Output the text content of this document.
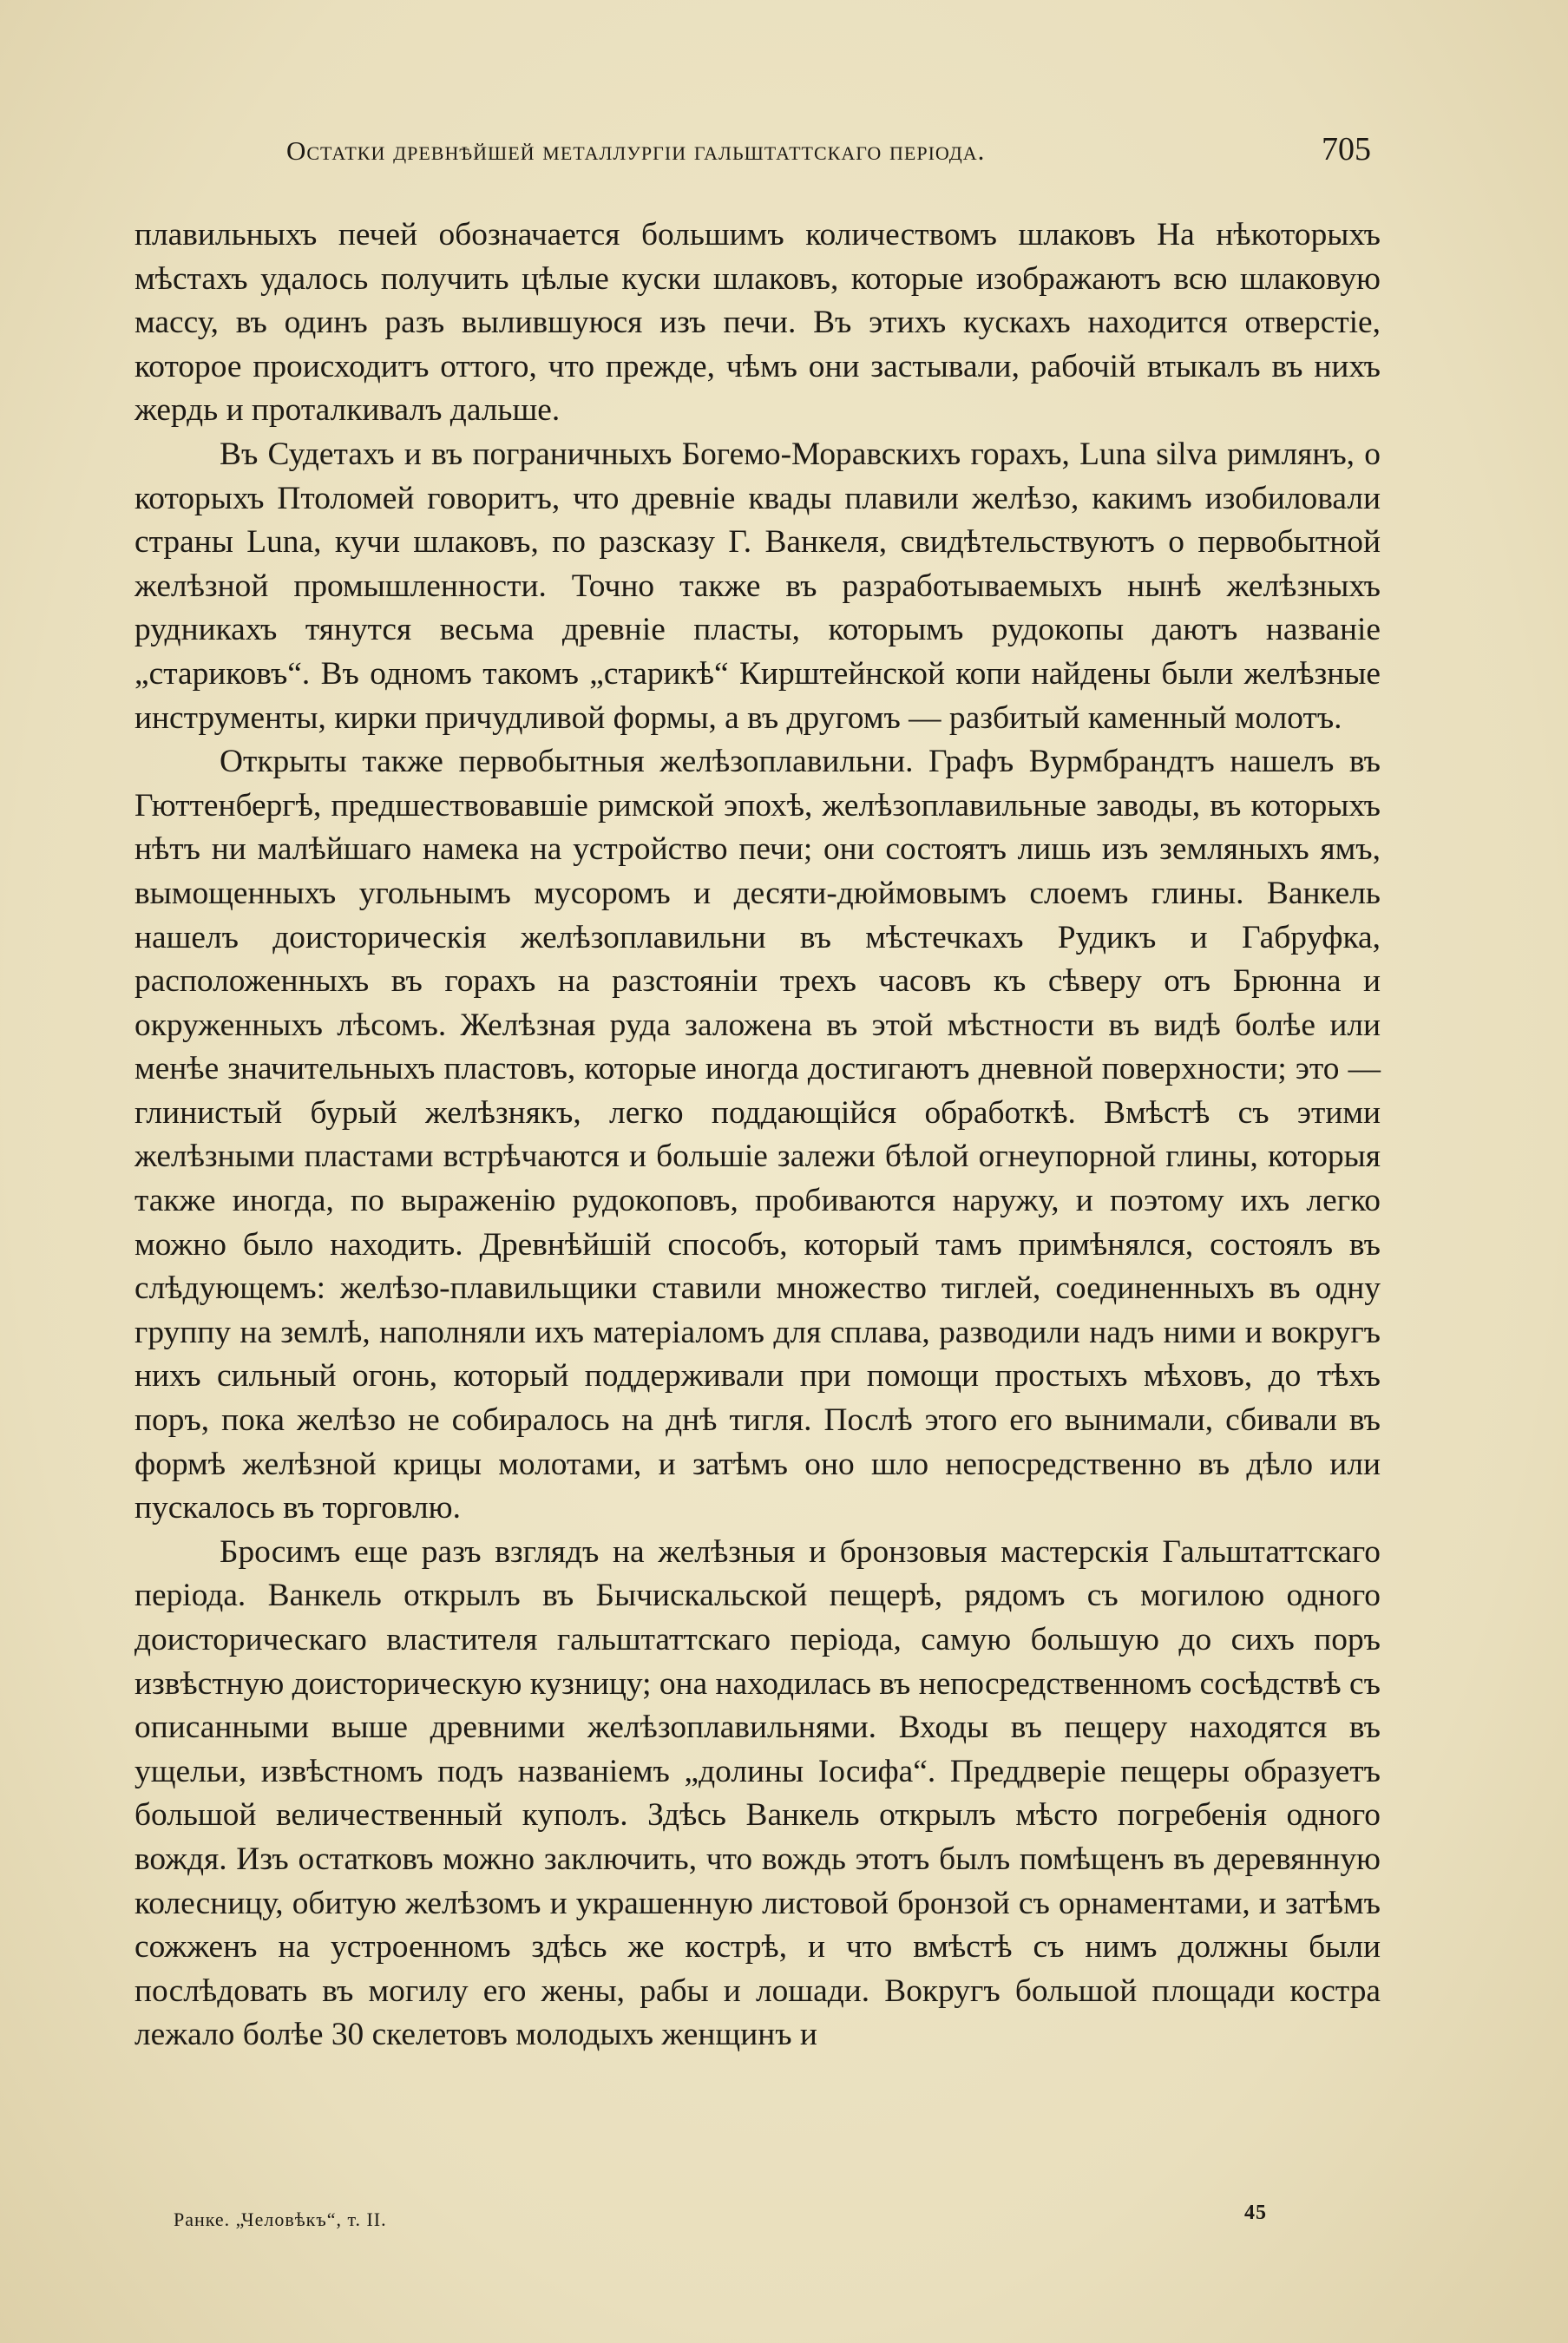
Остатки древнѣйшей металлургіи гальштаттскаго періода.	705

плавильныхъ печей обозначается большимъ количествомъ шлаковъ На нѣкоторыхъ мѣстахъ удалось получить цѣлые куски шлаковъ, которые изображаютъ всю шлаковую массу, въ одинъ разъ вылившуюся изъ печи. Въ этихъ кускахъ находится отверстіе, которое происходитъ оттого, что прежде, чѣмъ они застывали, рабочій втыкалъ въ нихъ жердь и проталкивалъ дальше.

Въ Судетахъ и въ пограничныхъ Богемо-Моравскихъ горахъ, Luna silva римлянъ, о которыхъ Птоломей говоритъ, что древніе квады плавили желѣзо, какимъ изобиловали страны Luna, кучи шлаковъ, по разсказу Г. Ванкеля, свидѣтельствуютъ о первобытной желѣзной промышленности. Точно также въ разработываемыхъ нынѣ желѣзныхъ рудникахъ тянутся весьма древніе пласты, которымъ рудокопы даютъ названіе „стариковъ“. Въ одномъ такомъ „старикѣ“ Кирштейнской копи найдены были желѣзные инструменты, кирки причудливой формы, а въ другомъ — разбитый каменный молотъ.

Открыты также первобытныя желѣзоплавильни. Графъ Вурмбрандтъ нашелъ въ Гюттенбергѣ, предшествовавшіе римской эпохѣ, желѣзоплавильные заводы, въ которыхъ нѣтъ ни малѣйшаго намека на устройство печи; они состоятъ лишь изъ земляныхъ ямъ, вымощенныхъ угольнымъ мусоромъ и десяти-дюймовымъ слоемъ глины. Ванкель нашелъ доисторическія желѣзоплавильни въ мѣстечкахъ Рудикъ и Габруфка, расположенныхъ въ горахъ на разстояніи трехъ часовъ къ сѣверу отъ Брюнна и окруженныхъ лѣсомъ. Желѣзная руда заложена въ этой мѣстности въ видѣ болѣе или менѣе значительныхъ пластовъ, которые иногда достигаютъ дневной поверхности; это — глинистый бурый желѣзнякъ, легко поддающійся обработкѣ. Вмѣстѣ съ этими желѣзными пластами встрѣчаются и большіе залежи бѣлой огнеупорной глины, которыя также иногда, по выраженію рудокоповъ, пробиваются наружу, и поэтому ихъ легко можно было находить. Древнѣйшій способъ, который тамъ примѣнялся, состоялъ въ слѣдующемъ: желѣзо-плавильщики ставили множество тиглей, соединенныхъ въ одну группу на землѣ, наполняли ихъ матеріаломъ для сплава, разводили надъ ними и вокругъ нихъ сильный огонь, который поддерживали при помощи простыхъ мѣховъ, до тѣхъ поръ, пока желѣзо не собиралось на днѣ тигля. Послѣ этого его вынимали, сбивали въ формѣ желѣзной крицы молотами, и затѣмъ оно шло непосредственно въ дѣло или пускалось въ торговлю.

Бросимъ еще разъ взглядъ на желѣзныя и бронзовыя мастерскія Гальштаттскаго періода. Ванкель открылъ въ Бычискальской пещерѣ, рядомъ съ могилою одного доисторическаго властителя гальштаттскаго періода, самую большую до сихъ поръ извѣстную доисторическую кузницу; она находилась въ непосредственномъ сосѣдствѣ съ описанными выше древними желѣзоплавильнями. Входы въ пещеру находятся въ ущельи, извѣстномъ подъ названіемъ „долины Іосифа“. Преддверіе пещеры образуетъ большой величественный куполъ. Здѣсь Ванкель открылъ мѣсто погребенія одного вождя. Изъ остатковъ можно заключить, что вождь этотъ былъ помѣщенъ въ деревянную колесницу, обитую желѣзомъ и украшенную листовой бронзой съ орнаментами, и затѣмъ сожженъ на устроенномъ здѣсь же кострѣ, и что вмѣстѣ съ нимъ должны были послѣдовать въ могилу его жены, рабы и лошади. Вокругъ большой площади костра лежало болѣе 30 скелетовъ молодыхъ женщинъ и

Ранке. „Человѣкъ“, т. II.	45
